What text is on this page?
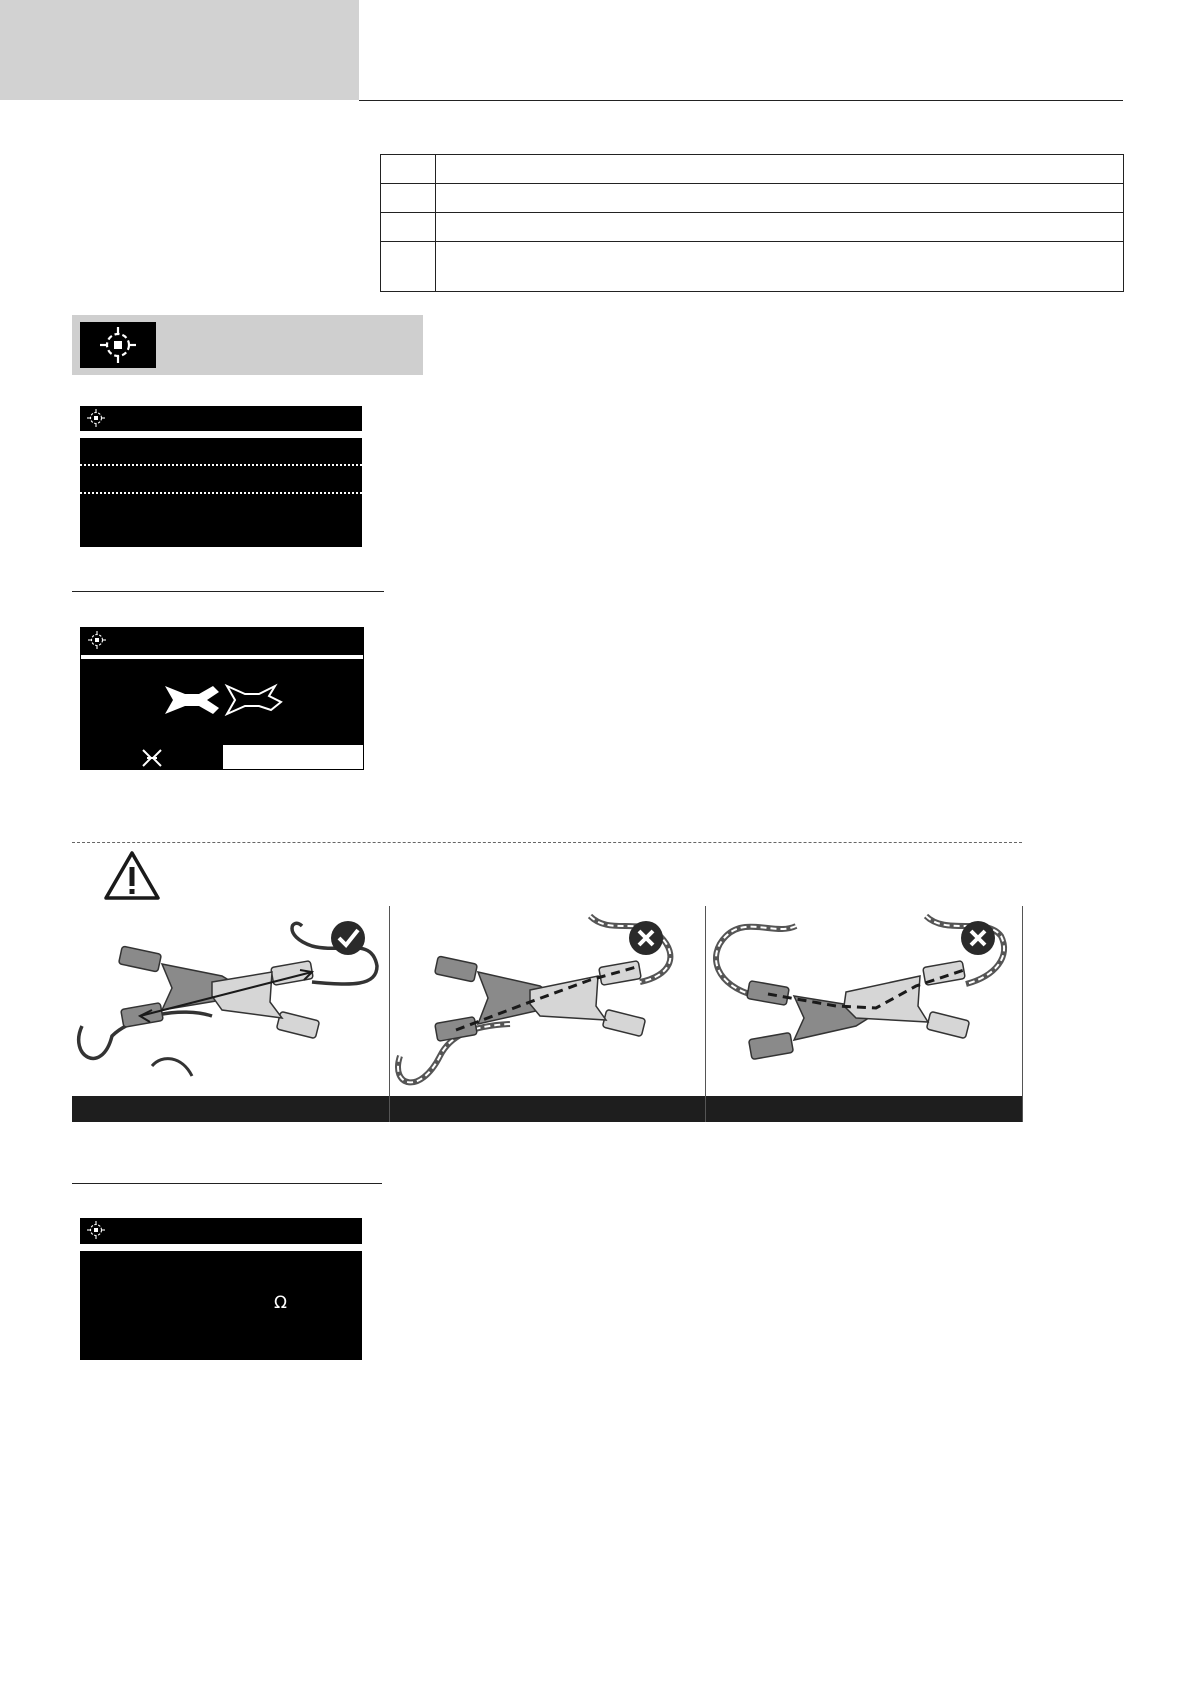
Ω
